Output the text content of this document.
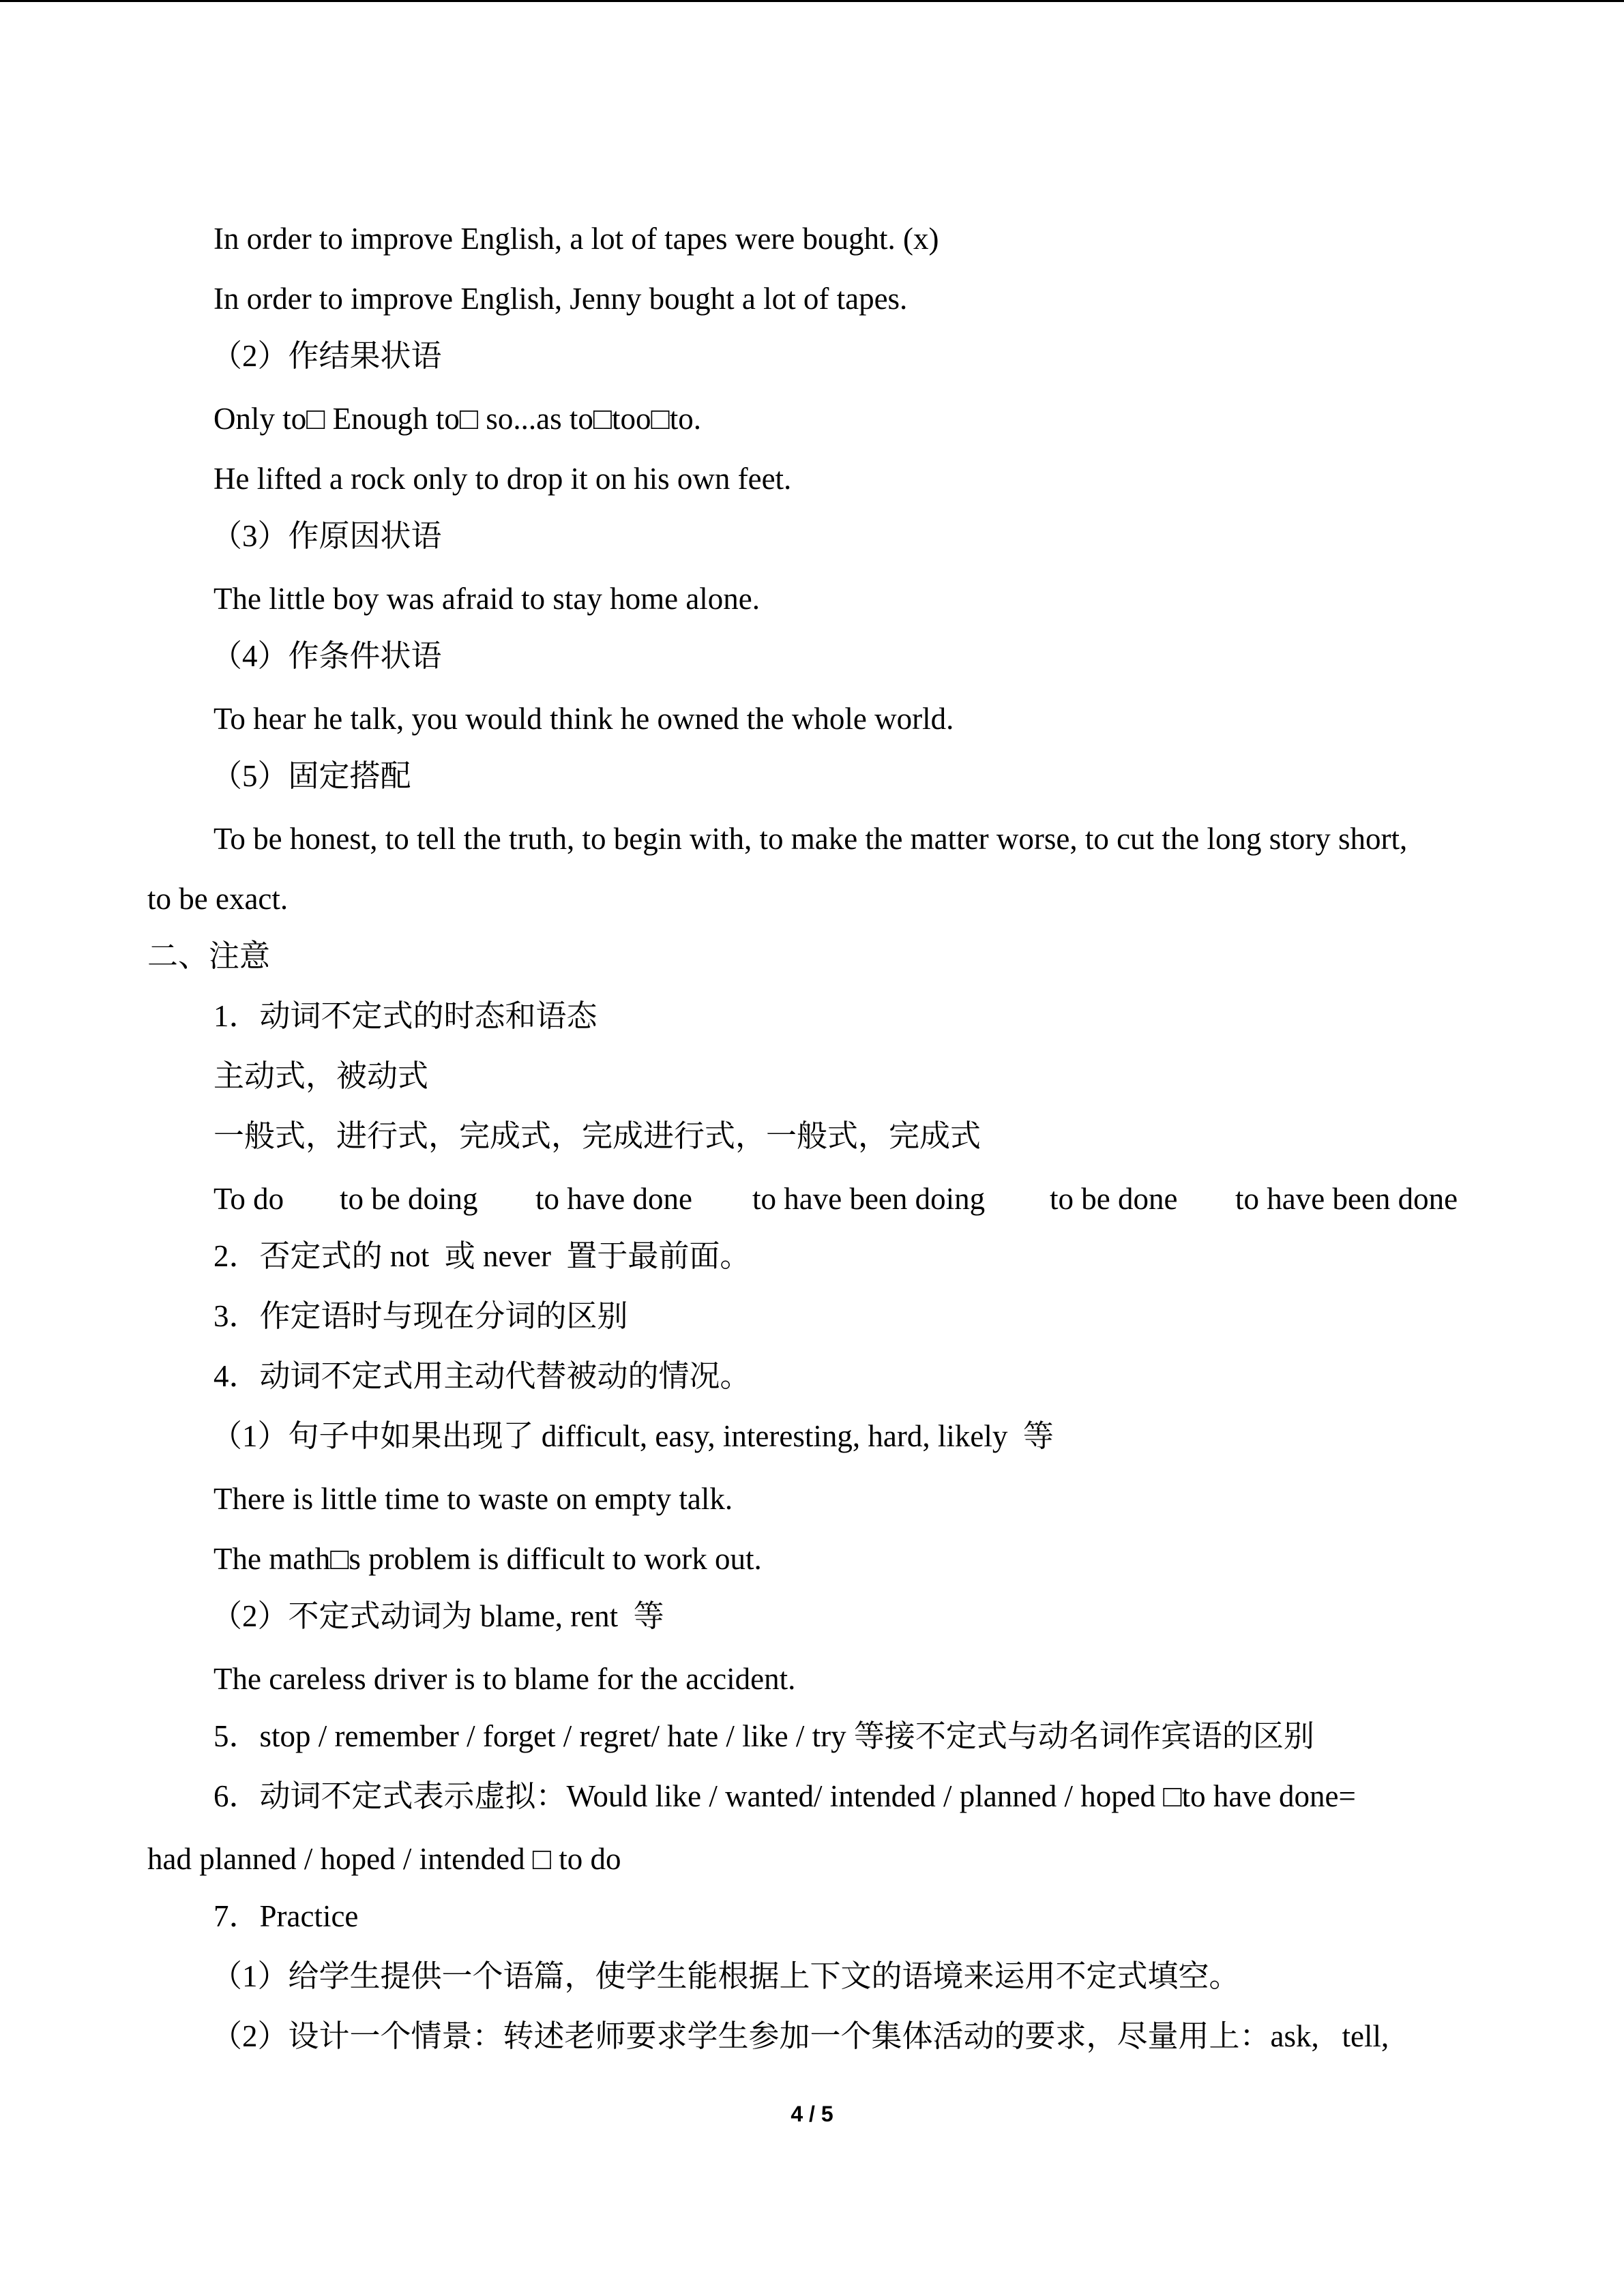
In order to improve English, a lot of tapes were bought. (x)
In order to improve English, Jenny bought a lot of tapes.
（2）作结果状语
Only to□ Enough to□ so...as to□too□to.
He lifted a rock only to drop it on his own feet.
（3）作原因状语
The little boy was afraid to stay home alone.
（4）作条件状语
To hear he talk, you would think he owned the whole world.
（5）固定搭配
To be honest, to tell the truth, to begin with, to make the matter worse, to cut the long story short,
to be exact.
二、注意
1．动词不定式的时态和语态
主动式，被动式
一般式，进行式，完成式，完成进行式，一般式，完成式
To do to be doing to have done to have been doing to be done to have been done
2．否定式的 not  或 never  置于最前面。
3．作定语时与现在分词的区别
4．动词不定式用主动代替被动的情况。
（1）句子中如果出现了 difficult, easy, interesting, hard, likely  等
There is little time to waste on empty talk.
The math□s problem is difficult to work out.
（2）不定式动词为 blame, rent  等
The careless driver is to blame for the accident.
5．stop / remember / forget / regret/ hate / like / try 等接不定式与动名词作宾语的区别
6．动词不定式表示虚拟：Would like / wanted/ intended / planned / hoped □to have done=
had planned / hoped / intended □ to do
7．Practice
（1）给学生提供一个语篇，使学生能根据上下文的语境来运用不定式填空。
（2）设计一个情景：转述老师要求学生参加一个集体活动的要求，尽量用上：ask,   tell,
4 / 5
